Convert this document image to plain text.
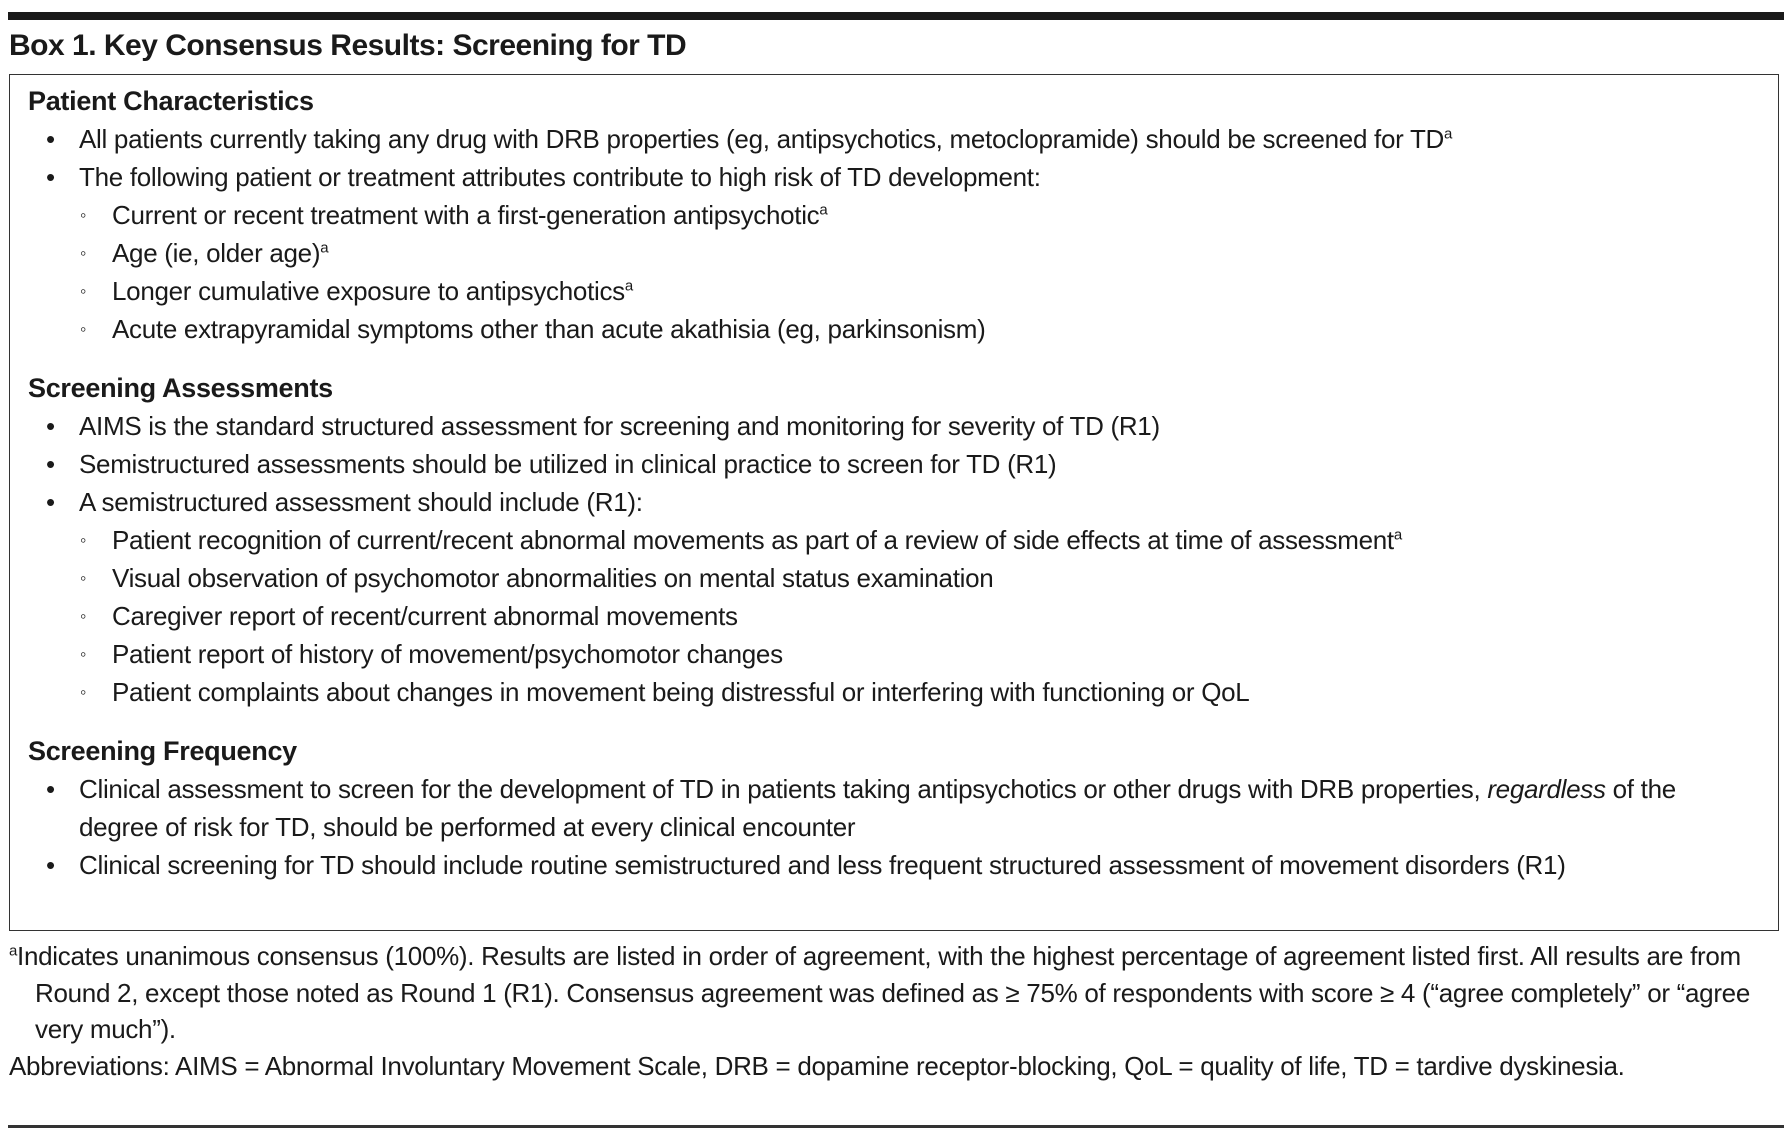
Box 1. Key Consensus Results: Screening for TD
Patient Characteristics
• All patients currently taking any drug with DRB properties (eg, antipsychotics, metoclopramide) should be screened for $TD^a$
• The following patient or treatment attributes contribute to high risk of TD development:
◦ Current or recent treatment with a first-generation antipsychotic$^a$
◦ Age (ie, older age)$^a$
◦ Longer cumulative exposure to antipsychotics$^a$
◦ Acute extrapyramidal symptoms other than acute akathisia (eg, parkinsonism)
Screening Assessments
• AIMS is the standard structured assessment for screening and monitoring for severity of TD (R1)
• Semistructured assessments should be utilized in clinical practice to screen for TD (R1)
• A semistructured assessment should include (R1):
◦ Patient recognition of current/recent abnormal movements as part of a review of side effects at time of assessment$^a$
◦ Visual observation of psychomotor abnormalities on mental status examination
◦ Caregiver report of recent/current abnormal movements
◦ Patient report of history of movement/psychomotor changes
◦ Patient complaints about changes in movement being distressful or interfering with functioning or QoL
Screening Frequency
• Clinical assessment to screen for the development of TD in patients taking antipsychotics or other drugs with DRB properties, regardless of the degree of risk for TD, should be performed at every clinical encounter
• Clinical screening for TD should include routine semistructured and less frequent structured assessment of movement disorders (R1)
$^a$Indicates unanimous consensus (100%). Results are listed in order of agreement, with the highest percentage of agreement listed first. All results are from Round 2, except those noted as Round 1 (R1). Consensus agreement was defined as ≥ 75% of respondents with score ≥ 4 (“agree completely” or “agree very much”).
Abbreviations: AIMS = Abnormal Involuntary Movement Scale, DRB = dopamine receptor-blocking, QoL = quality of life, TD = tardive dyskinesia.
